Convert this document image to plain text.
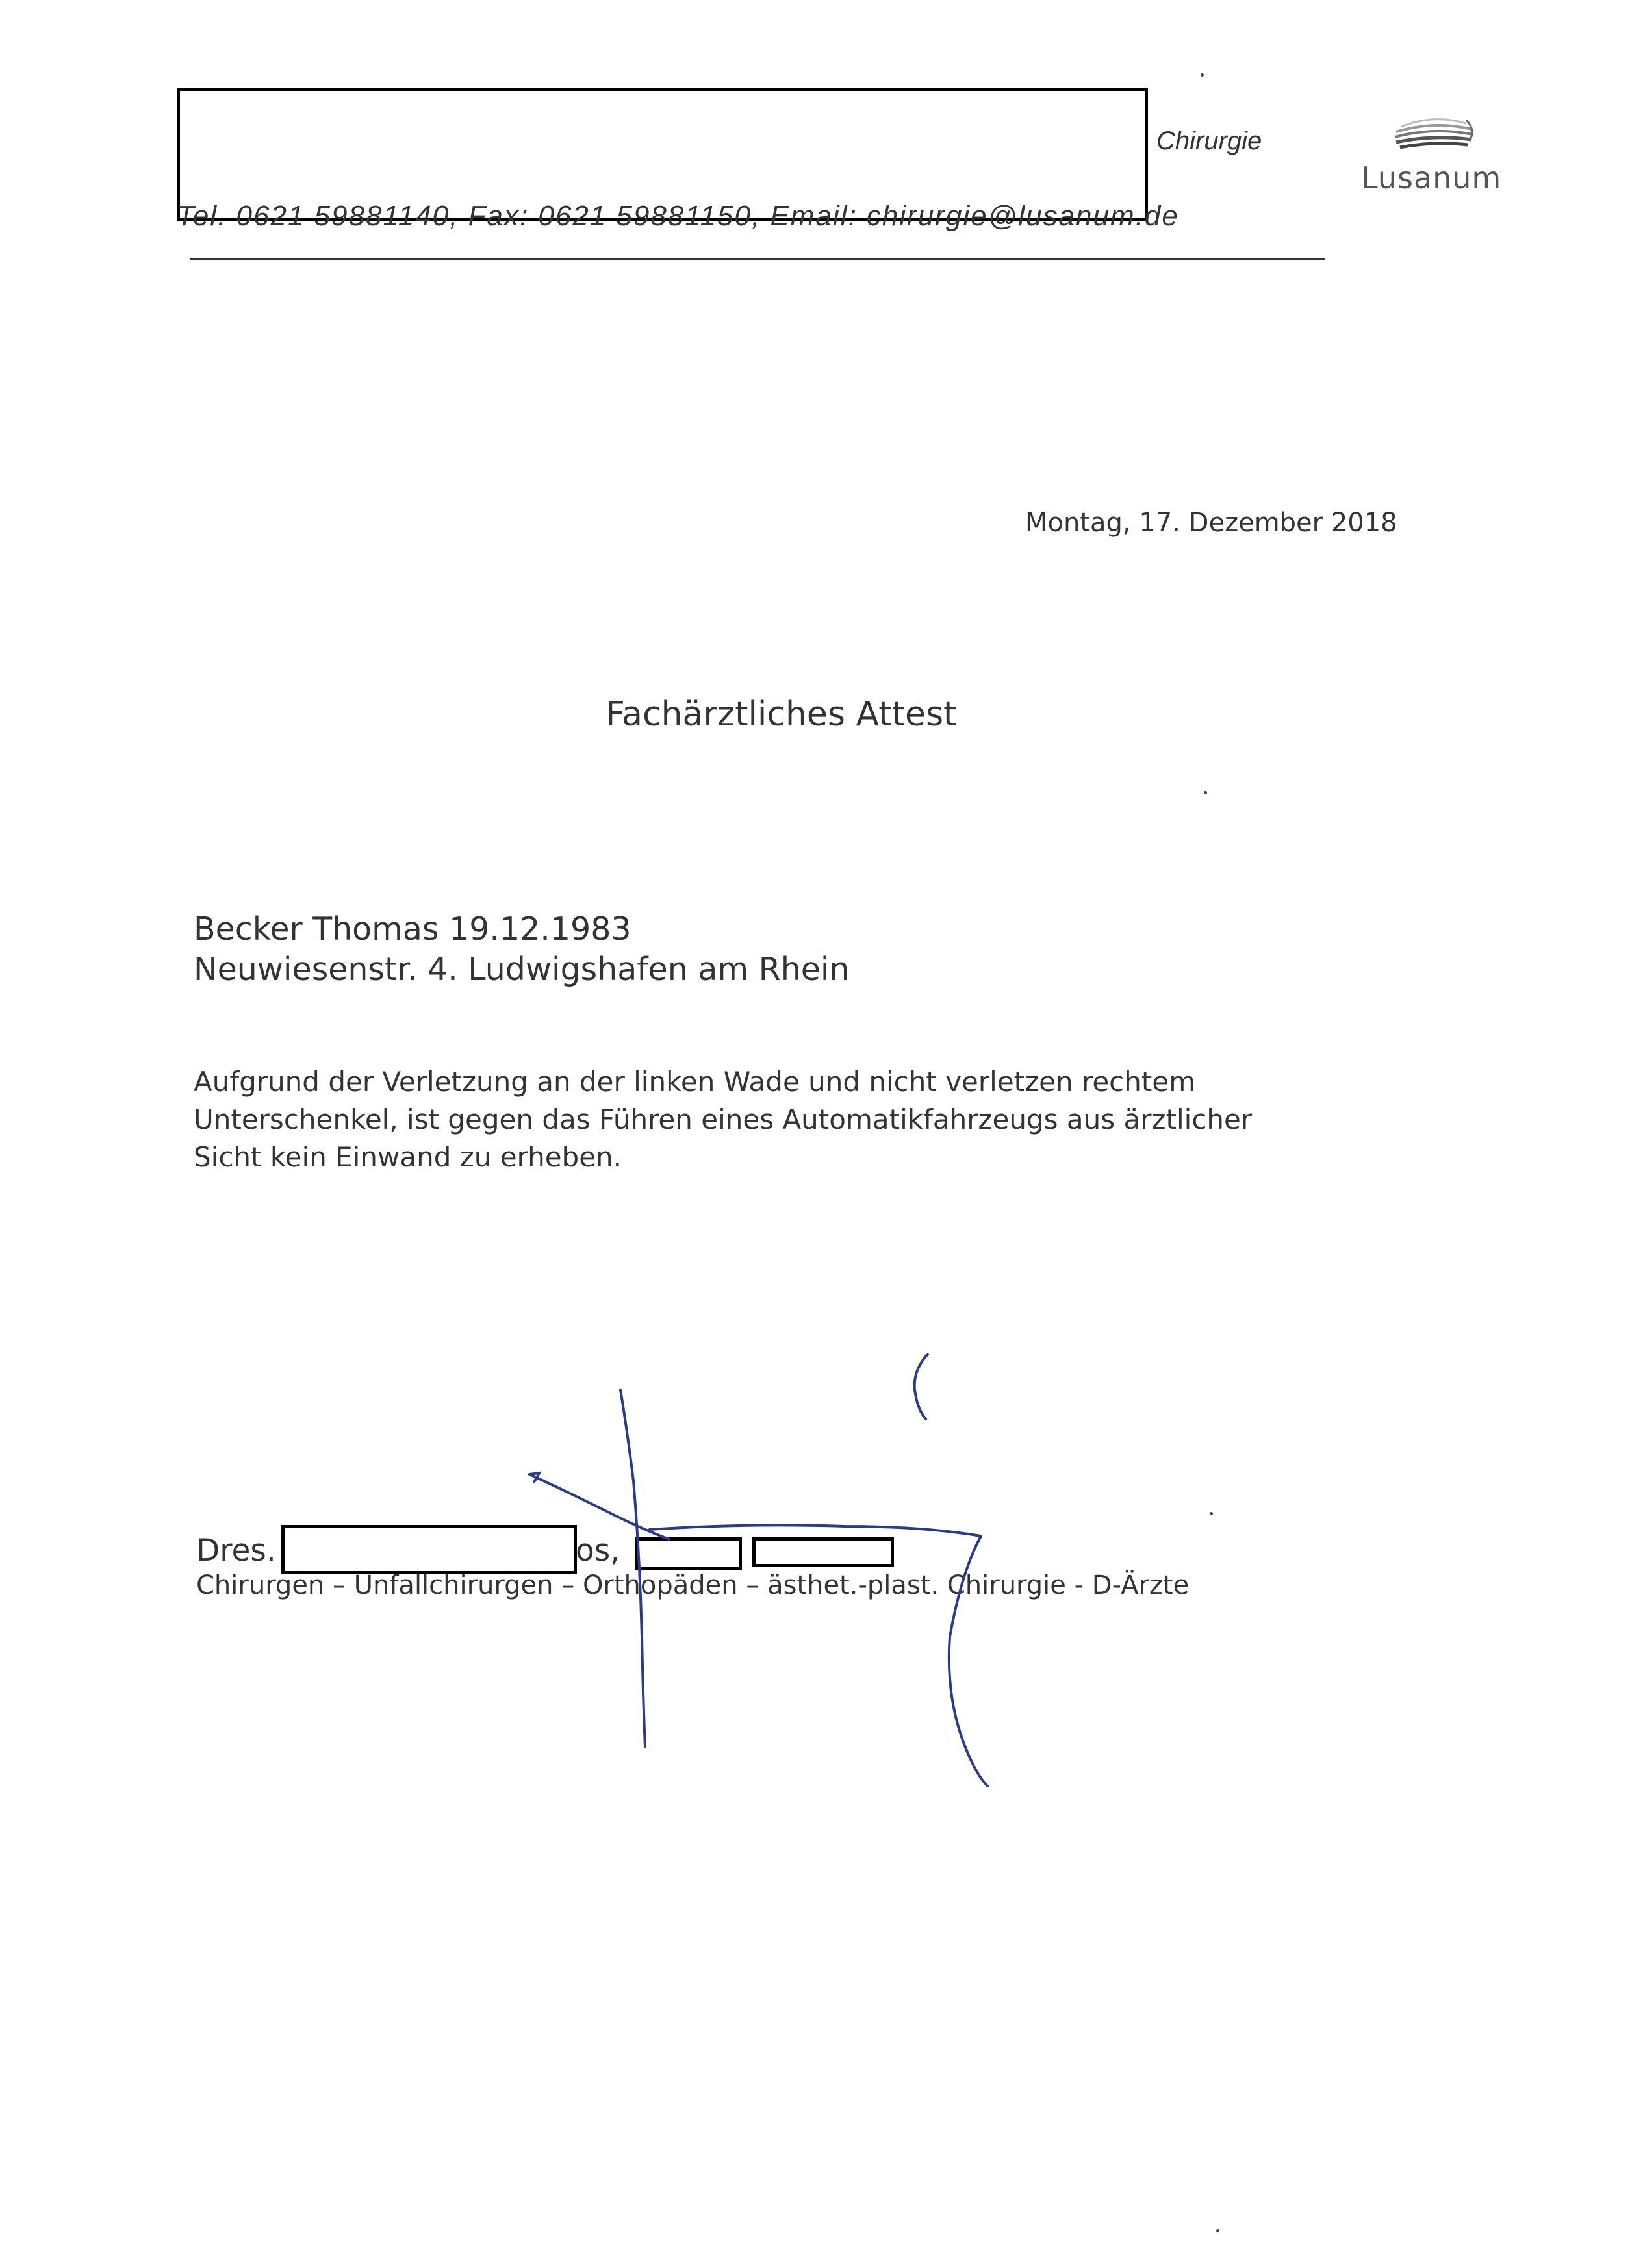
Tel. 0621 59881140, Fax: 0621 59881150, Email: chirurgie@lusanum.de
Chirurgie
Lusanum
Montag, 17. Dezember 2018
Fachärztliches Attest
Becker Thomas 19.12.1983
Neuwiesenstr. 4. Ludwigshafen am Rhein
Aufgrund der Verletzung an der linken Wade und nicht verletzen rechtem
Unterschenkel, ist gegen das Führen eines Automatikfahrzeugs aus ärztlicher
Sicht kein Einwand zu erheben.
Dres.	os,
Chirurgen – Unfallchirurgen – Orthopäden – ästhet.-plast. Chirurgie - D-Ärzte
